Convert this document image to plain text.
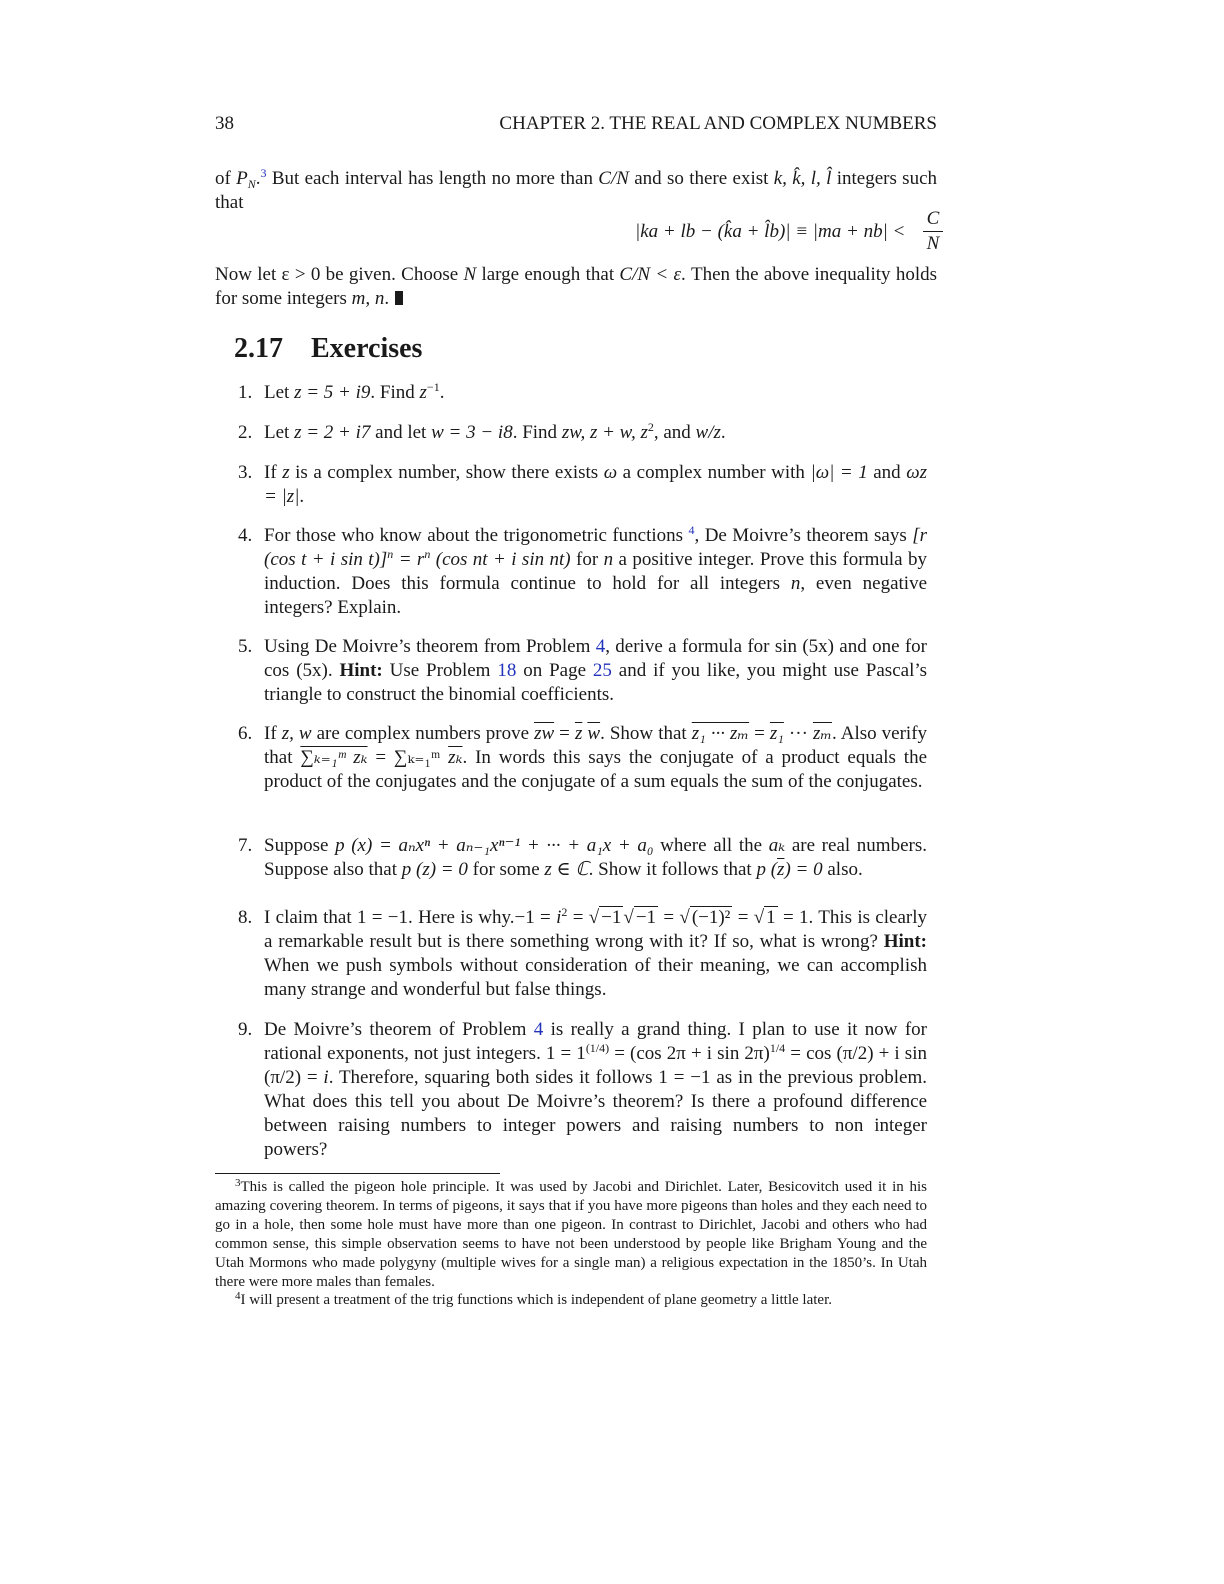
38	CHAPTER 2. THE REAL AND COMPLEX NUMBERS
of $P_N.^3$ But each interval has length no more than C/N and so there exist k, k̂, l, l̂ integers such that
|ka + lb − (k̂a + l̂b)| ≡ $|ma + nb| < \frac{C}{N}$
Now let ε > 0 be given. Choose N large enough that C/N < ε. Then the above inequality holds for some integers m, n.
2.17 Exercises
1. Let z = 5 + i9. Find $z^{-1}$.
2. Let z = 2 + i7 and let w = 3 − i8. Find zw, z + w, $z^2$, and w/z.
3. If z is a complex number, show there exists ω a complex number with |ω| = 1 and ωz = |z|.
4. For those who know about the trigonometric functions $^4$, De Moivre’s theorem says [r (cos t + i $\sin t)]^n = r^n$ (cos nt + i sin nt) for n a positive integer. Prove this formula by induction. Does this formula continue to hold for all integers n, even negative integers? Explain.
5. Using De Moivre’s theorem from Problem 4, derive a formula for sin (5x) and one for cos (5x). Hint: Use Problem 18 on Page 25 and if you like, you might use Pascal’s triangle to construct the binomial coefficients.
6. If z, w are complex numbers prove $\overline{zw} = \overline{z}$ $\overline{w}$. Show that z₁ ··· zₘ = z₁ ··· $\overline{z_m}$. Also verify that ∑ₖ₌₁ᵐ zₖ = ∑ₖ₌₁ᵐ $\overline{z_k}$. In words this says the conjugate of a product equals the product of the conjugates and the conjugate of a sum equals the sum of the conjugates.
7. Suppose p (x) = aₙxⁿ + aₙ₋₁xⁿ⁻¹ + ··· + a₁x + a₀ where all the aₖ are real numbers. Suppose also that p (z) = 0 for some z ∈ ℂ. Show it follows that p $(\overline{z}) = 0$ also.
8. I claim that 1 = −1. Here is $why.-1 = i^2$ = √ −1 √ −1 = √ (−1)² = √ 1 = 1. This is clearly a remarkable result but is there something wrong with it? If so, what is wrong? Hint: When we push symbols without consideration of their meaning, we can accomplish many strange and wonderful but false things.
9. De Moivre’s theorem of Problem 4 is really a grand thing. I plan to use it now for rational exponents, not just integers. $1 = 1^{(1/4)} = (\cos$ 2π + i sin 2π)$^{1/4}$ = cos (π/2) + i sin (π/2) = i. Therefore, squaring both sides it follows 1 = −1 as in the previous problem. What does this tell you about De Moivre’s theorem? Is there a profound difference between raising numbers to integer powers and raising numbers to non integer powers?
$^3$This is called the pigeon hole principle. It was used by Jacobi and Dirichlet. Later, Besicovitch used it in his amazing covering theorem. In terms of pigeons, it says that if you have more pigeons than holes and they each need to go in a hole, then some hole must have more than one pigeon. In contrast to Dirichlet, Jacobi and others who had common sense, this simple observation seems to have not been understood by people like Brigham Young and the Utah Mormons who made polygyny (multiple wives for a single man) a religious expectation in the 1850’s. In Utah there were more males than females.
$^4$I will present a treatment of the trig functions which is independent of plane geometry a little later.
